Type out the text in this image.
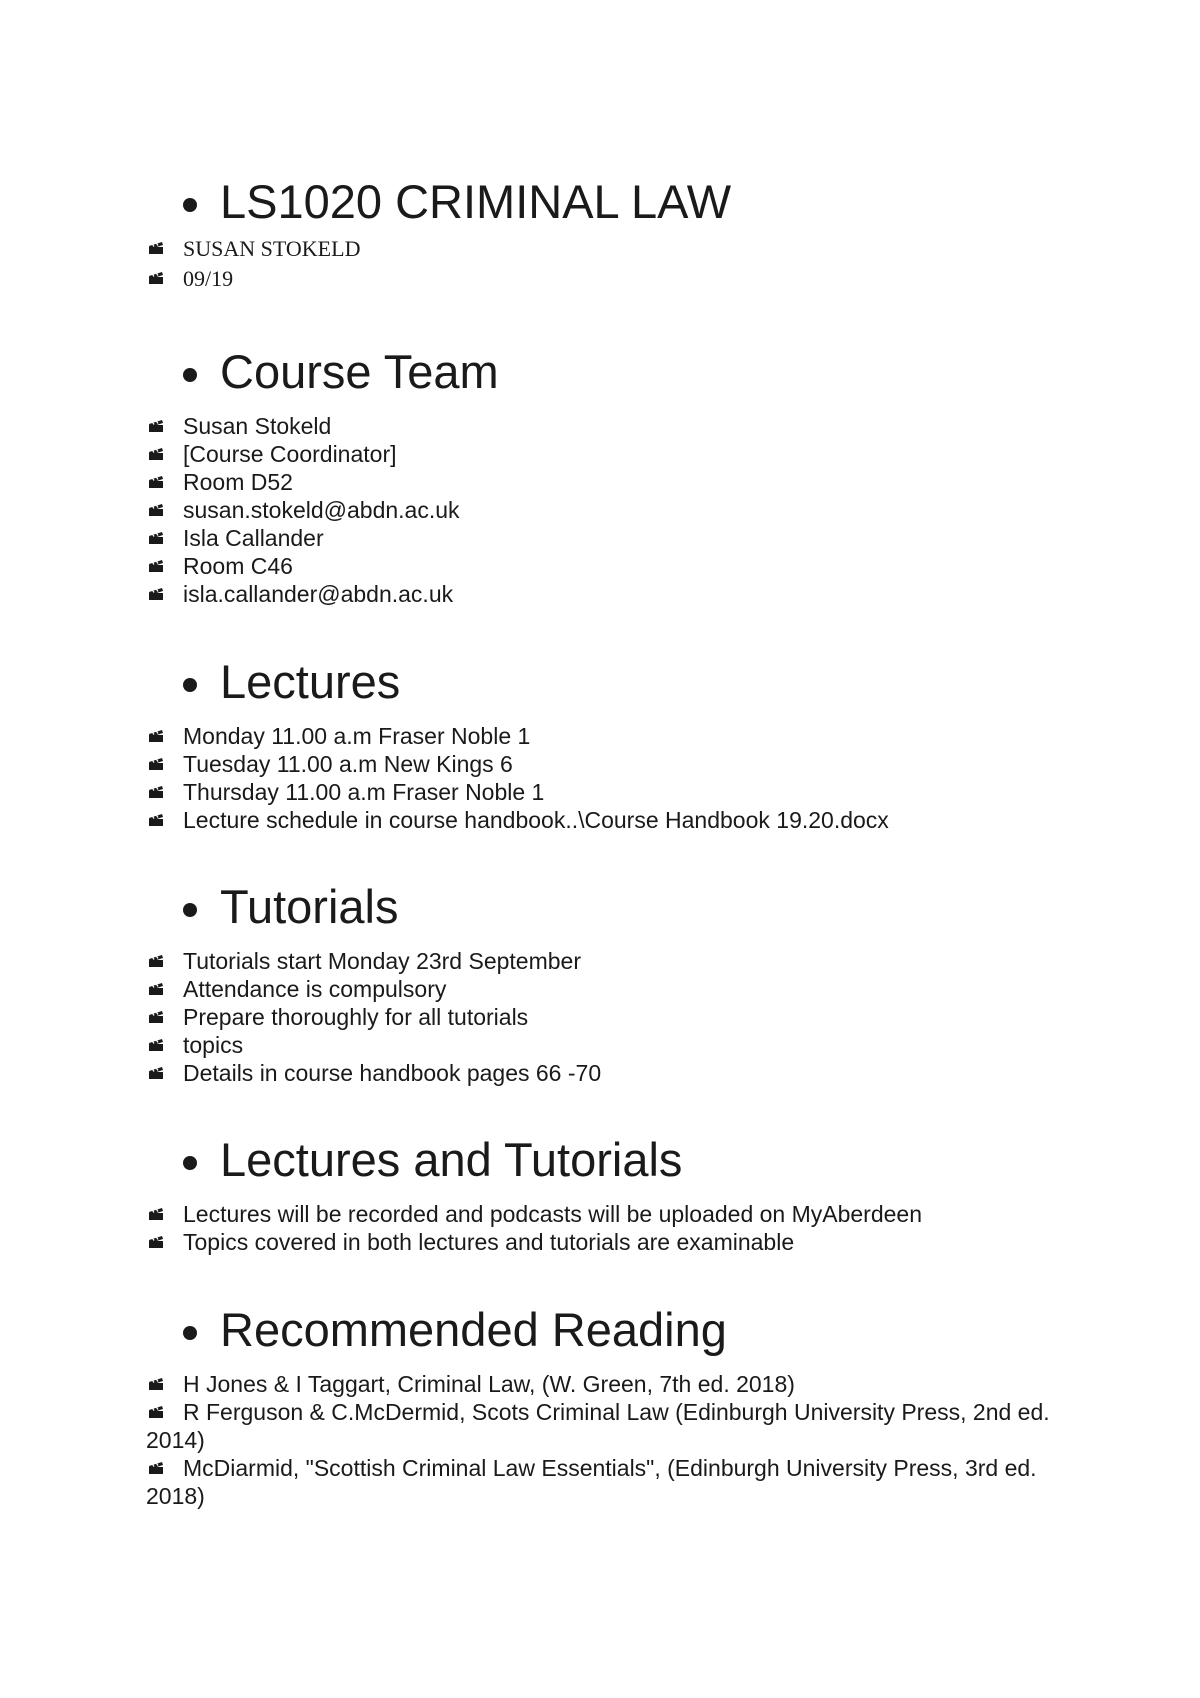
LS1020 CRIMINAL LAW
SUSAN STOKELD
09/19
Course Team
Susan Stokeld
[Course Coordinator]
Room D52
susan.stokeld@abdn.ac.uk
Isla Callander
Room C46
isla.callander@abdn.ac.uk
Lectures
Monday 11.00 a.m Fraser Noble 1
Tuesday 11.00 a.m New Kings 6
Thursday 11.00 a.m Fraser Noble 1
Lecture schedule in course handbook..\Course Handbook 19.20.docx
Tutorials
Tutorials start Monday 23rd September
Attendance is compulsory
Prepare thoroughly for all tutorials
topics
Details in course handbook pages 66 -70
Lectures and Tutorials
Lectures will be recorded and podcasts will be uploaded on MyAberdeen
Topics covered in both lectures and tutorials are examinable
Recommended Reading
H Jones & I Taggart, Criminal Law, (W. Green, 7th ed. 2018)
R Ferguson & C.McDermid, Scots Criminal Law (Edinburgh University Press, 2nd ed. 2014)
McDiarmid, "Scottish Criminal Law Essentials", (Edinburgh University Press, 3rd ed. 2018)
